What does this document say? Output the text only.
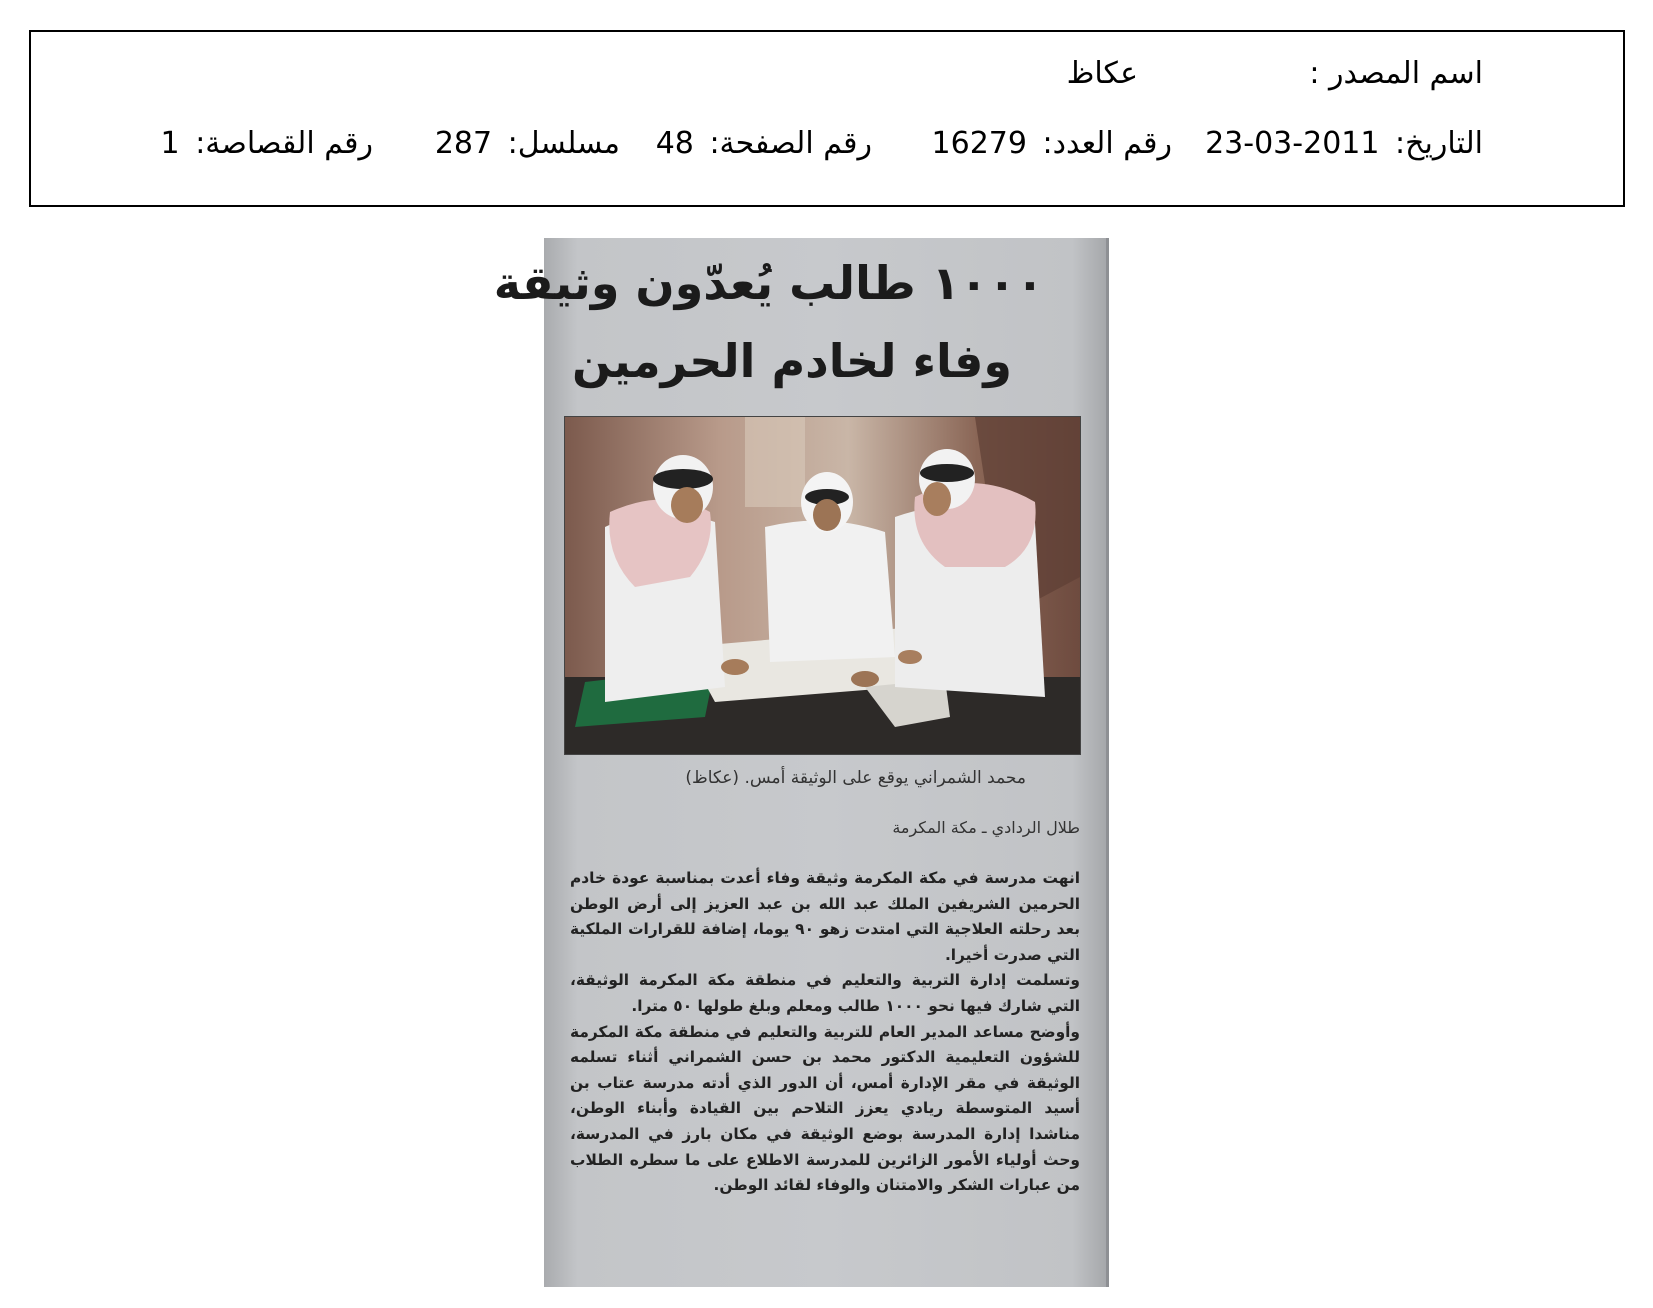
اسم المصدر :
عكاظ
التاريخ: 2011-03-23
رقم العدد: 16279
رقم الصفحة: 48
مسلسل: 287
رقم القصاصة: 1
١٠٠٠ طالب يُعدّون وثيقة
وفاء لخادم الحرمين
محمد الشمراني يوقع على الوثيقة أمس. (عكاظ)
طلال الردادي ـ مكة المكرمة

انهت مدرسة في مكة المكرمة وثيقة وفاء أعدت بمناسبة عودة خادم الحرمين الشريفين الملك عبد الله بن عبد العزيز إلى أرض الوطن بعد رحلته العلاجية التي امتدت زهو ٩٠ يوما، إضافة للقرارات الملكية التي صدرت أخيرا.

وتسلمت إدارة التربية والتعليم في منطقة مكة المكرمة الوثيقة، التي شارك فيها نحو ١٠٠٠ طالب ومعلم وبلغ طولها ٥٠ مترا.

وأوضح مساعد المدير العام للتربية والتعليم في منطقة مكة المكرمة للشؤون التعليمية الدكتور محمد بن حسن الشمراني أثناء تسلمه الوثيقة في مقر الإدارة أمس، أن الدور الذي أدته مدرسة عتاب بن أسيد المتوسطة ريادي يعزز التلاحم بين القيادة وأبناء الوطن، مناشدا إدارة المدرسة بوضع الوثيقة في مكان بارز في المدرسة، وحث أولياء الأمور الزائرين للمدرسة الاطلاع على ما سطره الطلاب من عبارات الشكر والامتنان والوفاء لقائد الوطن.
